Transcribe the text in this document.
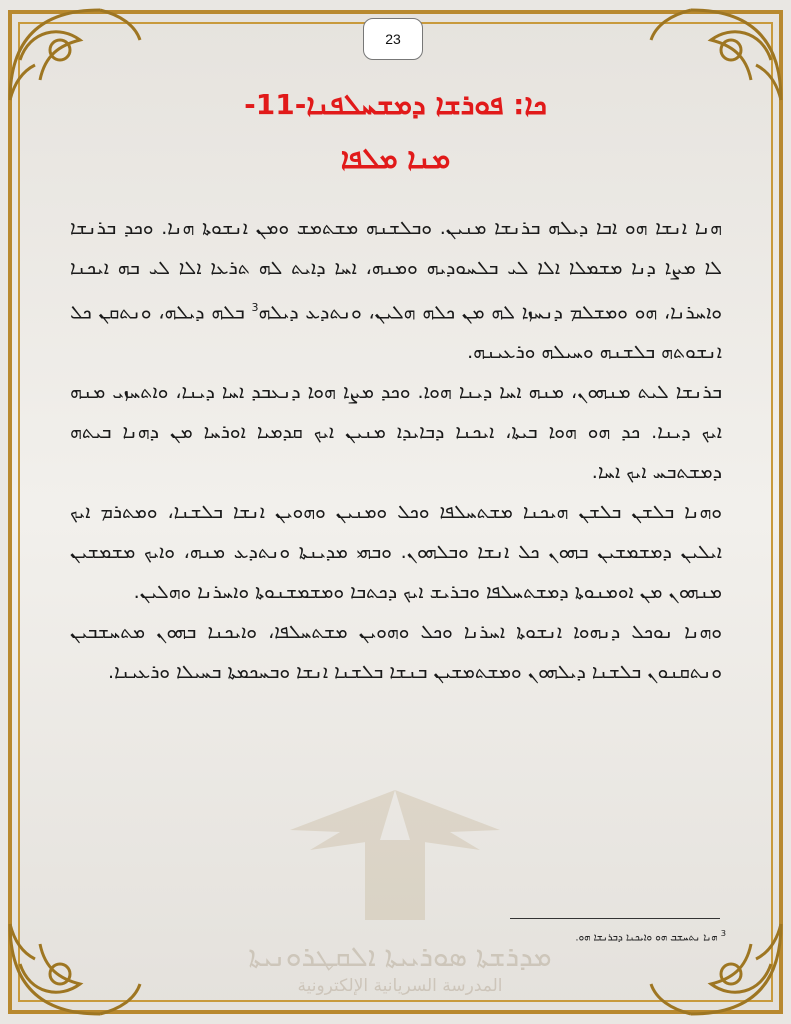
23
ܟܐ: ܦܘܪܫܐ ܕܡܫܚܠܦܢܐ-11-
ܡܢܐ ܡܠܦܐ

ܗܢܐ ܐܢܫܐ ܗܘ ܐܒܐ ܕܝܠܗ ܒܪܢܫܐ ܡܢܝܢ. ܘܒܠܫܢܗ ܡܫܬܡܫ ܘܡܢ ܐܢܫܘܬܐ ܗܢܐ. ܘܟܕ ܒܪܢܫܐ ܠܐ ܡܨܐ ܕܢܐ ܡܫܡܠܐ ܐܠܐ ܠܝ ܒܠܚܘܕܝܗ ܘܡܢܗ، ܐܚܐ ܕܐܝܬ ܠܗ ܬܪܥܐ ܐܠܐ ܠܝ ܒܗ ܐܝܟܢܐ ܘܐܚܪܢܐ، ܗܘ ܘܡܫܠܡ ܕܢܚܙܐ ܠܗ ܡܢ ܟܠܗ ܗܠܝܢ، ܘܢܬܕܥ ܕܝܠܗ$^3$ ܒܠܗ ܕܝܠܗ، ܘܢܬܩܢ ܟܠ ܐܢܫܘܬܗ ܒܠܫܢܗ ܘܚܝܠܗ ܘܪܥܝܢܗ.

ܒܪܢܫܐ ܠܝܬ ܡܢܗܘܢ، ܡܢܗ ܐܚܐ ܕܝܢܐ ܗܘܐ. ܘܟܕ ܡܨܐ ܗܘܐ ܕܢܥܒܕ ܐܚܐ ܕܝܢܐ، ܘܐܬܚܙܝ ܡܢܗ ܐܝܟ ܕܝܢܐ. ܟܕ ܗܘ ܗܘܐ ܒܝܬܐ، ܐܝܟܢܐ ܕܒܐܝܕܐ ܡܢܝܢ ܐܝܟ ܩܕܡܝܐ ܐܘܪܚܐ ܡܢ ܕܗܢܐ ܒܝܬܗ ܕܡܫܬܒܚ ܐܝܟ ܐܚܐ.

ܘܗܢܐ ܒܠܫܢ ܒܠܫܢ ܗܝܟܢܐ ܡܫܬܚܠܦܐ ܘܟܠ ܘܡܢܝܢ ܘܗܘܝܢ ܐܢܫܐ ܒܠܫܢܐ، ܘܡܬܪܡ ܐܝܟ ܐܝܠܝܢ ܕܡܫܡܫܝܢ ܒܗܘܢ ܟܠ ܐܢܫܐ ܘܒܠܗܘܢ. ܘܒܗܝ ܡܕܝܢܬܐ ܘܢܬܕܥ ܡܢܗ، ܘܐܝܟ ܡܫܡܫܝܢ ܡܢܗܘܢ ܡܢ ܐܘܡܢܘܬܐ ܕܡܫܬܚܠܦܐ ܘܒܪܝܫ ܐܝܟ ܕܟܬܒܐ ܘܡܫܡܫܢܘܬܐ ܘܐܚܪܢܐ ܘܗܠܝܢ.

ܘܗܢܐ ܢܘܟܠ ܕܢܗܘܐ ܐܢܫܘܬܐ ܐܚܪܢܐ ܘܟܠ ܘܗܘܝܢ ܡܫܬܚܠܦܐ، ܘܐܝܟܢܐ ܒܗܘܢ ܡܬܚܫܒܝܢ ܘܢܬܩܢܘܢ ܒܠܫܢܐ ܕܝܠܗܘܢ ܘܡܫܬܡܫܝܢ ܒܢܫܐ ܒܠܫܢܐ ܐܢܫܐ ܘܒܚܟܡܬܐ ܒܚܝܠܐ ܘܪܥܝܢܐ.

$^3$ ܗܢܐ ܢܬܚܫܒ ܗܘ ܘܐܝܟܢܐ ܕܒܪܢܫܐ ܗܘ.
ܡܕܪܫܬܐ ܣܘܪܝܝܬܐ ܐܠܩܛܪܘܢܝܬܐ
المدرسة السريانية الإلكترونية
